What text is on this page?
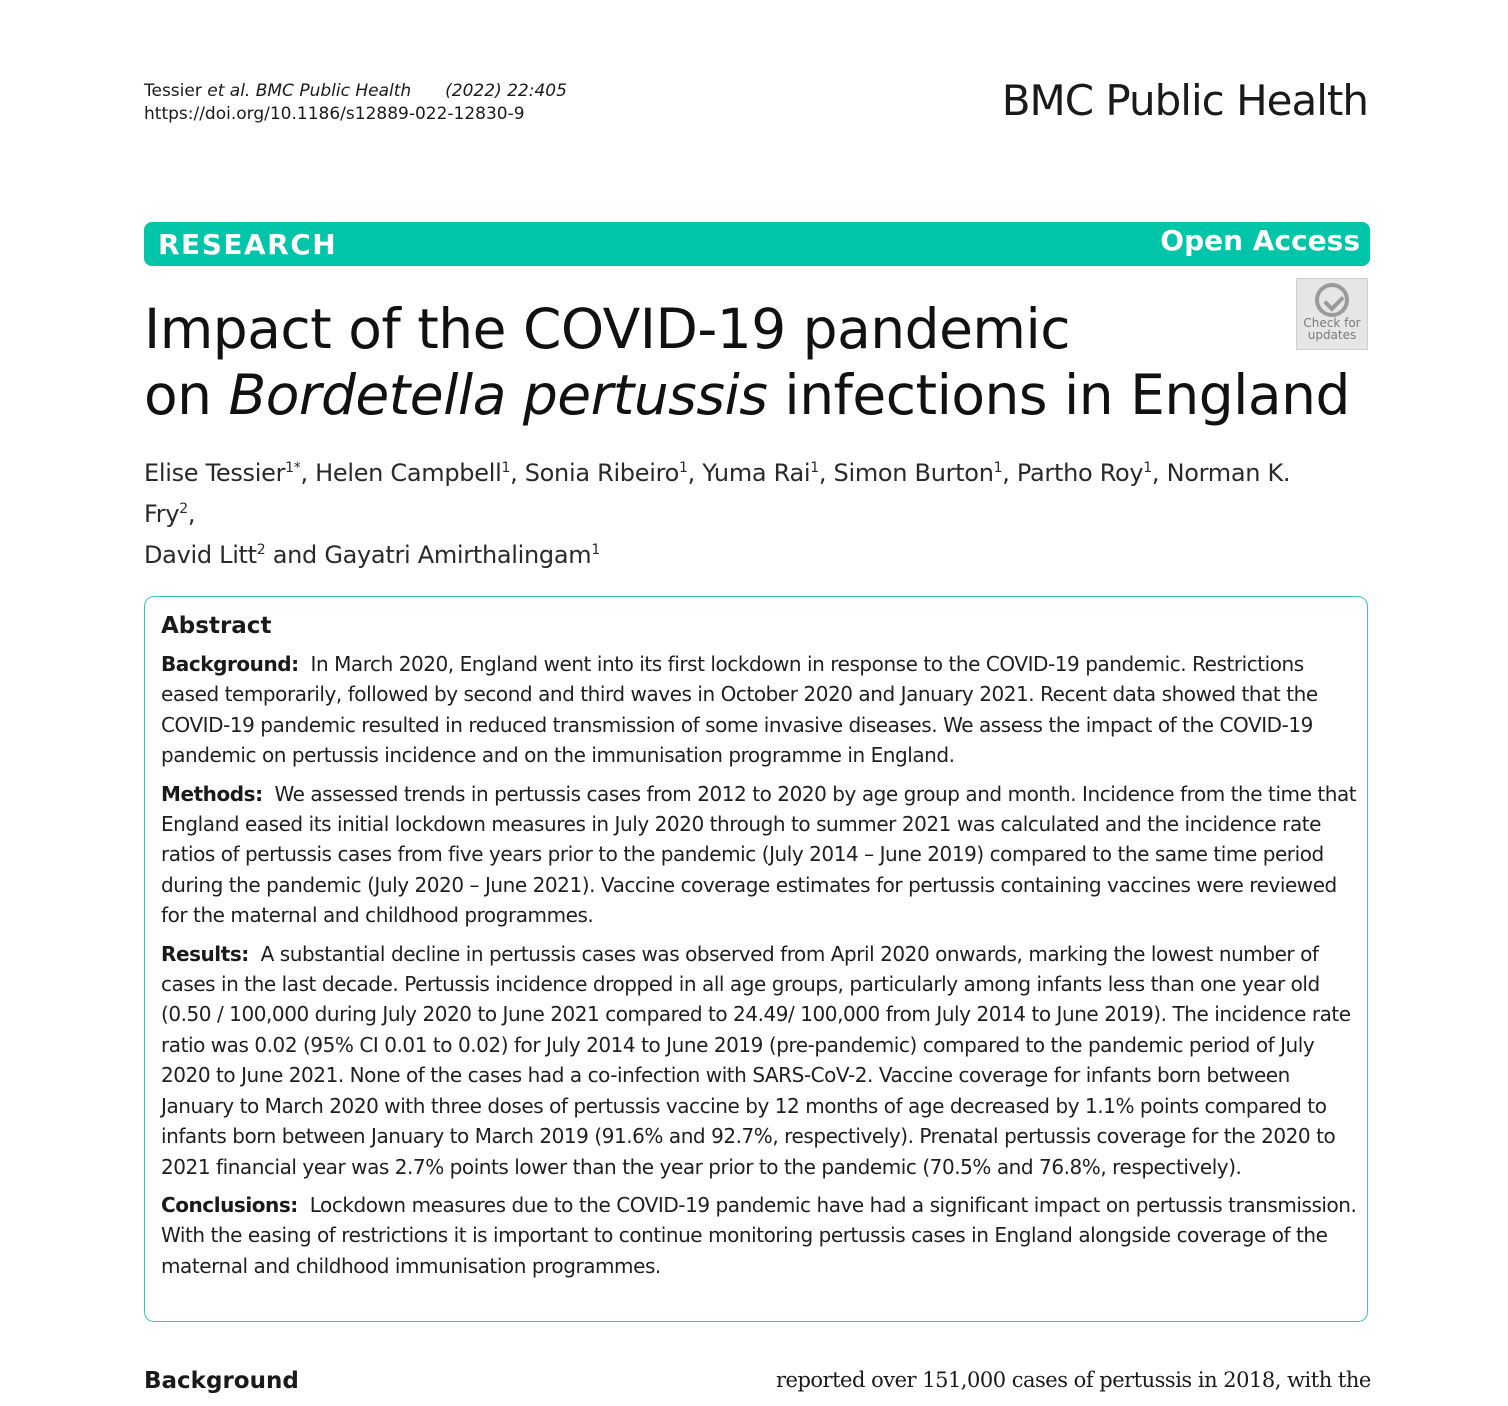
Tessier et al. BMC Public Health (2022) 22:405
https://doi.org/10.1186/s12889-022-12830-9	BMC Public Health
RESEARCH	Open Access
Check for
updates
Impact of the COVID-19 pandemic
on Bordetella pertussis infections in England
Elise Tessier$^{1*}$, Helen Campbell$^1$, Sonia Ribeiro$^1$, Yuma Rai$^1$, Simon Burton$^1$, Partho Roy$^1$, Norman K. Fry$^2$,
David Litt$^2$ and Gayatri Amirthalingam$^1$
Abstract

Background: In March 2020, England went into its first lockdown in response to the COVID-19 pandemic. Restrictions eased temporarily, followed by second and third waves in October 2020 and January 2021. Recent data showed that the COVID-19 pandemic resulted in reduced transmission of some invasive diseases. We assess the impact of the COVID-19 pandemic on pertussis incidence and on the immunisation programme in England.

Methods: We assessed trends in pertussis cases from 2012 to 2020 by age group and month. Incidence from the time that England eased its initial lockdown measures in July 2020 through to summer 2021 was calculated and the incidence rate ratios of pertussis cases from five years prior to the pandemic (July 2014 – June 2019) compared to the same time period during the pandemic (July 2020 – June 2021). Vaccine coverage estimates for pertussis containing vaccines were reviewed for the maternal and childhood programmes.

Results: A substantial decline in pertussis cases was observed from April 2020 onwards, marking the lowest number of cases in the last decade. Pertussis incidence dropped in all age groups, particularly among infants less than one year old (0.50 / 100,000 during July 2020 to June 2021 compared to 24.49/ 100,000 from July 2014 to June 2019). The incidence rate ratio was 0.02 (95% CI 0.01 to 0.02) for July 2014 to June 2019 (pre-pandemic) compared to the pandemic period of July 2020 to June 2021. None of the cases had a co-infection with SARS-CoV-2. Vaccine coverage for infants born between January to March 2020 with three doses of pertussis vaccine by 12 months of age decreased by 1.1% points compared to infants born between January to March 2019 (91.6% and 92.7%, respectively). Prenatal pertussis coverage for the 2020 to 2021 financial year was 2.7% points lower than the year prior to the pandemic (70.5% and 76.8%, respectively).

Conclusions: Lockdown measures due to the COVID-19 pandemic have had a significant impact on pertussis transmission. With the easing of restrictions it is important to continue monitoring pertussis cases in England alongside coverage of the maternal and childhood immunisation programmes.

Background	reported over 151,000 cases of pertussis in 2018, with the
